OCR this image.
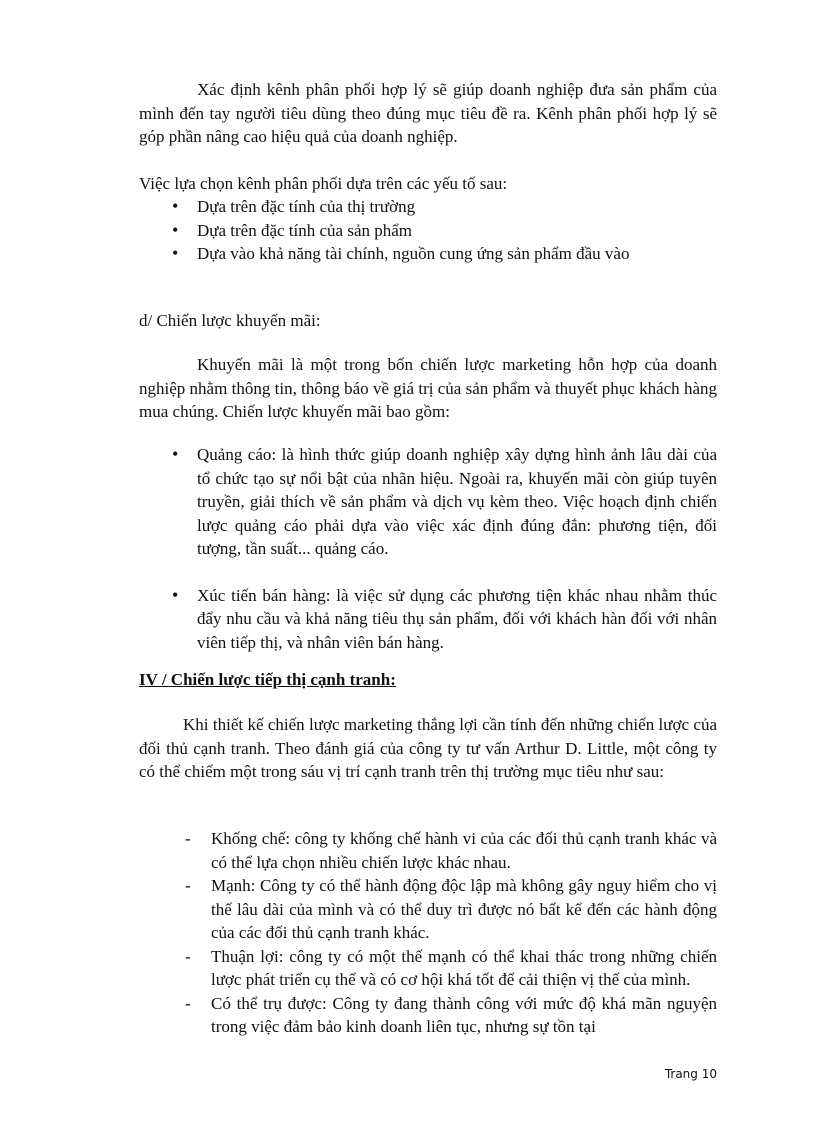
Xác định kênh phân phối hợp lý sẽ giúp doanh nghiệp đưa sản phẩm của mình đến tay người tiêu dùng theo đúng mục tiêu đề ra. Kênh phân phối hợp lý sẽ góp phần nâng cao hiệu quả của doanh nghiệp.
Việc lựa chọn kênh phân phối dựa trên các yếu tố sau:
• Dựa trên đặc tính của thị trường
• Dựa trên đặc tính của sản phẩm
• Dựa vào khả năng tài chính, nguồn cung ứng sản phẩm đầu vào
d/ Chiến lược khuyến mãi:
Khuyến mãi là một trong bốn chiến lược marketing hỗn hợp của doanh nghiệp nhằm thông tin, thông báo về giá trị của sản phẩm và thuyết phục khách hàng mua chúng. Chiến lược khuyến mãi bao gồm:
• Quảng cáo: là hình thức giúp doanh nghiệp xây dựng hình ảnh lâu dài của tổ chức tạo sự nổi bật của nhãn hiệu. Ngoài ra, khuyến mãi còn giúp tuyên truyền, giải thích về sản phẩm và dịch vụ kèm theo. Việc hoạch định chiến lược quảng cáo phải dựa vào việc xác định đúng đắn: phương tiện, đối tượng, tần suất... quảng cáo.
• Xúc tiến bán hàng: là việc sử dụng các phương tiện khác nhau nhằm thúc đẩy nhu cầu và khả năng tiêu thụ sản phẩm, đối với khách hàn đối với nhân viên tiếp thị, và nhân viên bán hàng.
IV / Chiến lược tiếp thị cạnh tranh:
Khi thiết kế chiến lược marketing thắng lợi cần tính đến những chiến lược của đối thủ cạnh tranh. Theo đánh giá của công ty tư vấn Arthur D. Little, một công ty có thể chiếm một trong sáu vị trí cạnh tranh trên thị trường mục tiêu như sau:
- Khống chế: công ty khống chế hành vi của các đối thủ cạnh tranh khác và có thể lựa chọn nhiều chiến lược khác nhau.
- Mạnh: Công ty có thể hành động độc lập mà không gây nguy hiểm cho vị thế lâu dài của mình và có thể duy trì được nó bất kể đến các hành động của các đối thủ cạnh tranh khác.
- Thuận lợi: công ty có một thế mạnh có thể khai thác trong những chiến lược phát triển cụ thể và có cơ hội khá tốt để cải thiện vị thế của mình.
- Có thể trụ được: Công ty đang thành công với mức độ khá mãn nguyện trong việc đảm bảo kinh doanh liên tục, nhưng sự tồn tại
Trang 10
